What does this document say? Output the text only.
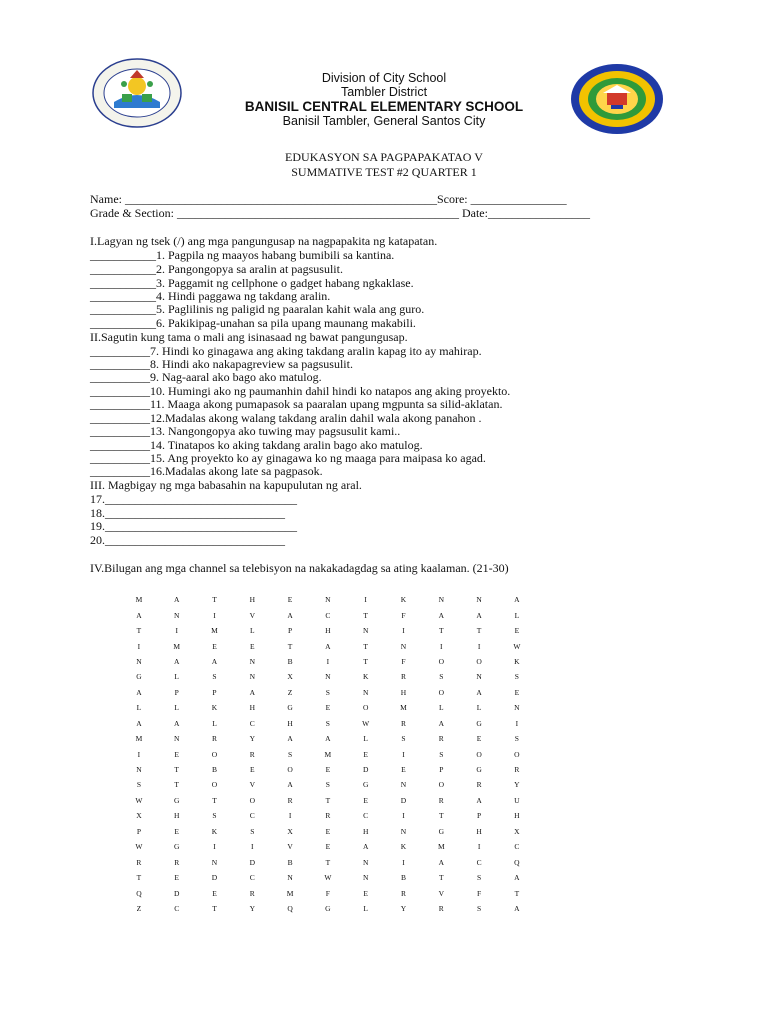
Division of City School
Tambler District
BANISIL CENTRAL ELEMENTARY SCHOOL
Banisil Tambler, General Santos City
EDUKASYON SA PAGPAPAKATAO V
SUMMATIVE TEST #2 QUARTER 1
Name: ____________________________________________________Score: ________________
Grade & Section: _______________________________________________ Date:_________________
I.Lagyan ng tsek (/) ang mga pangungusap na nagpapakita ng katapatan.
___________1. Pagpila ng maayos habang bumibili sa kantina.
___________2. Pangongopya sa aralin at pagsusulit.
___________3. Paggamit ng cellphone o gadget habang ngkaklase.
___________4. Hindi paggawa ng takdang aralin.
___________5. Paglilinis ng paligid ng paaralan kahit wala ang guro.
___________6. Pakikipag-unahan sa pila upang maunang makabili.
II.Sagutin kung tama o mali ang isinasaad ng bawat pangungusap.
__________7. Hindi ko ginagawa ang aking takdang aralin kapag ito ay mahirap.
__________8. Hindi ako nakapagreview sa pagsusulit.
__________9. Nag-aaral ako bago ako matulog.
__________10. Humingi ako ng paumanhin dahil hindi ko natapos ang aking proyekto.
__________11. Maaga akong pumapasok sa paaralan upang mgpunta sa silid-aklatan.
__________12.Madalas akong walang takdang aralin dahil wala akong panahon .
__________13. Nangongopya ako tuwing may pagsusulit kami..
__________14. Tinatapos ko aking takdang aralin bago ako matulog.
__________15. Ang proyekto ko ay ginagawa ko ng maaga para maipasa ko agad.
__________16.Madalas akong late sa pagpasok.
III. Magbigay ng mga babasahin na kapupulutan ng aral.
17.________________________________
18.______________________________
19.________________________________
20.______________________________
IV.Bilugan ang mga channel sa telebisyon na nakakadagdag sa ating kaalaman. (21-30)
M	A	T	H	E	N	I	K	N	N	A
A	N	I	V	A	C	T	F	A	A	L
T	I	M	L	P	H	N	I	T	T	E
I	M	E	E	T	A	T	N	I	I	W
N	A	A	N	B	I	T	F	O	O	K
G	L	S	N	X	N	K	R	S	N	S
A	P	P	A	Z	S	N	H	O	A	E
L	L	K	H	G	E	O	M	L	L	N
A	A	L	C	H	S	W	R	A	G	I
M	N	R	Y	A	A	L	S	R	E	S
I	E	O	R	S	M	E	I	S	O	O
N	T	B	E	O	E	D	E	P	G	R
S	T	O	V	A	S	G	N	O	R	Y
W	G	T	O	R	T	E	D	R	A	U
X	H	S	C	I	R	C	I	T	P	H
P	E	K	S	X	E	H	N	G	H	X
W	G	I	I	V	E	A	K	M	I	C
R	R	N	D	B	T	N	I	A	C	Q
T	E	D	C	N	W	N	B	T	S	A
Q	D	E	R	M	F	E	R	V	F	T
Z	C	T	Y	Q	G	L	Y	R	S	A
